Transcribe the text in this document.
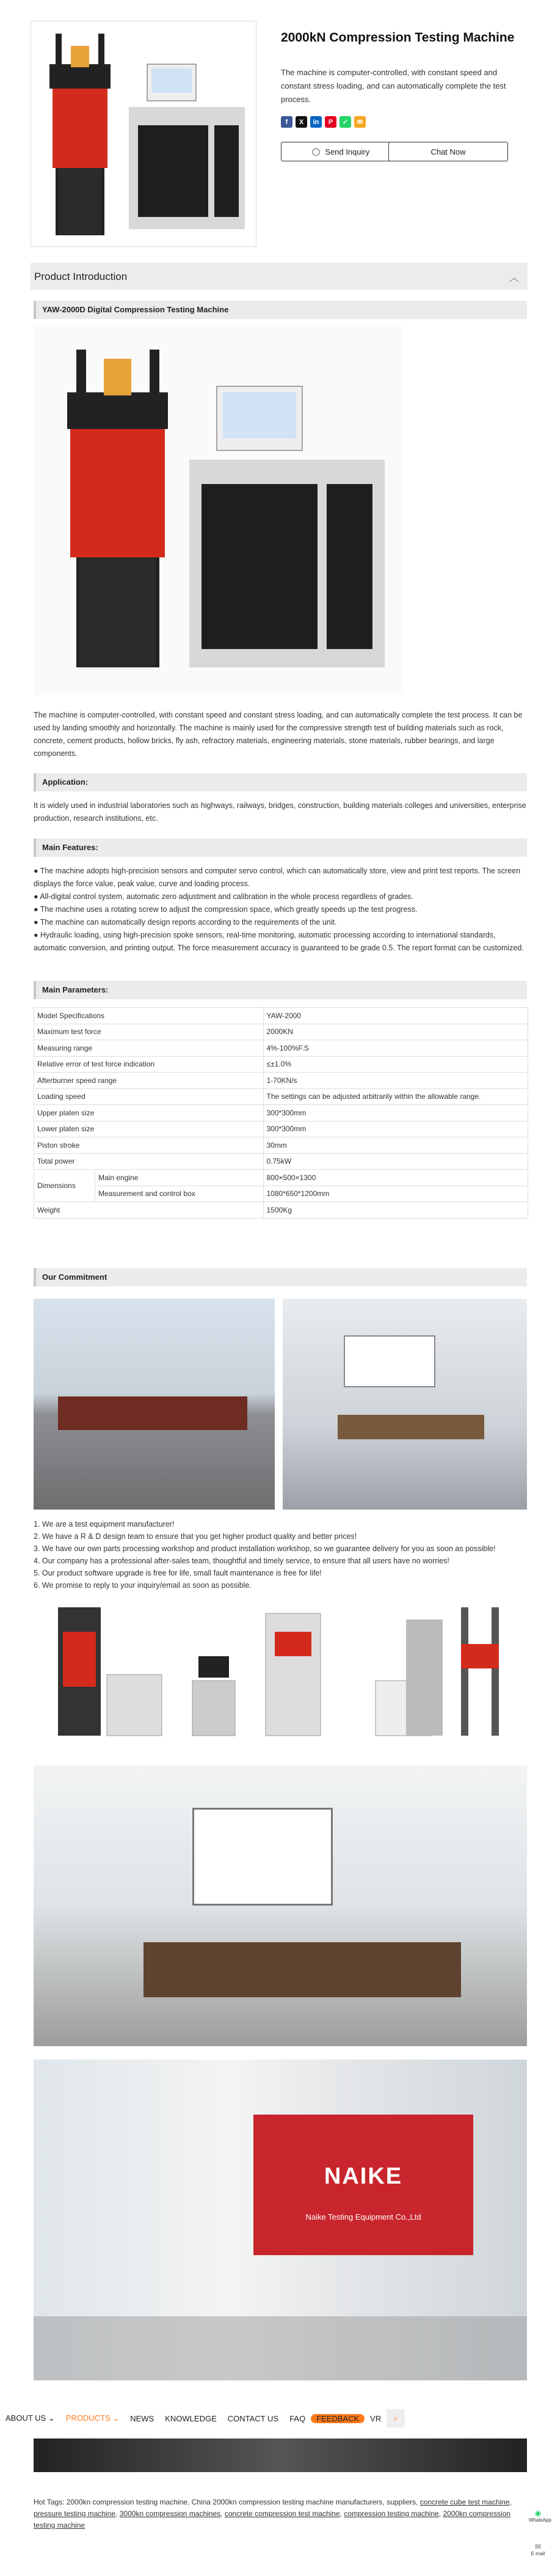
2000kN Compression Testing Machine
The machine is computer-controlled, with constant speed and constant stress loading, and can automatically complete the test process.
f	X	in	P	✓	✉
◯ Send Inquiry	Chat Now
Product Introduction	︿
YAW-2000D Digital Compression Testing Machine
The machine is computer-controlled, with constant speed and constant stress loading, and can automatically complete the test process. It can be used by landing smoothly and horizontally. The machine is mainly used for the compressive strength test of building materials such as rock, concrete, cement products, hollow bricks, fly ash, refractory materials, engineering materials, stone materials, rubber bearings, and large components.
Application:
It is widely used in industrial laboratories such as highways, railways, bridges, construction, building materials colleges and universities, enterprise production, research institutions, etc.
Main Features:
● The machine adopts high-precision sensors and computer servo control, which can automatically store, view and print test reports. The screen displays the force value, peak value, curve and loading process.
● All-digital control system, automatic zero adjustment and calibration in the whole process regardless of grades.
● The machine uses a rotating screw to adjust the compression space, which greatly speeds up the test progress.
● The machine can automatically design reports according to the requirements of the unit.
● Hydraulic loading, using high-precision spoke sensors, real-time monitoring, automatic processing according to international standards, automatic conversion, and printing output. The force measurement accuracy is guaranteed to be grade 0.5. The report format can be customized.
Main Parameters:
Model Specifications		YAW-2000
Maximum test force		2000KN
Measuring range		4%-100%F.S
Relative error of test force indication		≤±1.0%
Afterburner speed range		1-70KN/s
Loading speed		The settings can be adjusted arbitrarily within the allowable range.
Upper platen size		300*300mm
Lower platen size		300*300mm
Piston stroke		30mm
Total power		0.75kW
Dimensions	Main engine	800×500×1300
	Measurement and control box	1080*650*1200mm
Weight		1500Kg
Our Commitment
1. We are a test equipment manufacturer!
2. We have a R & D design team to ensure that you get higher product quality and better prices!
3. We have our own parts processing workshop and product installation workshop, so we guarantee delivery for you as soon as possible!
4. Our company has a professional after-sales team, thoughtful and timely service, to ensure that all users have no worries!
5. Our product software upgrade is free for life, small fault maintenance is free for life!
6. We promise to reply to your inquiry/email as soon as possible.
NAIKE
Naike Testing Equipment Co.,Ltd
ABOUT US ⌄	PRODUCTS ⌄	NEWS	KNOWLEDGE	CONTACT US	FAQ	FEEDBACK	VR	⌕
Hot Tags: 2000kn compression testing machine, China 2000kn compression testing machine manufacturers, suppliers, concrete cube test machine, pressure testing machine, 3000kn compression machines, concrete compression test machine, compression testing machine, 2000kn compression testing machine
◉
WhatsApp
✉
E-mail
